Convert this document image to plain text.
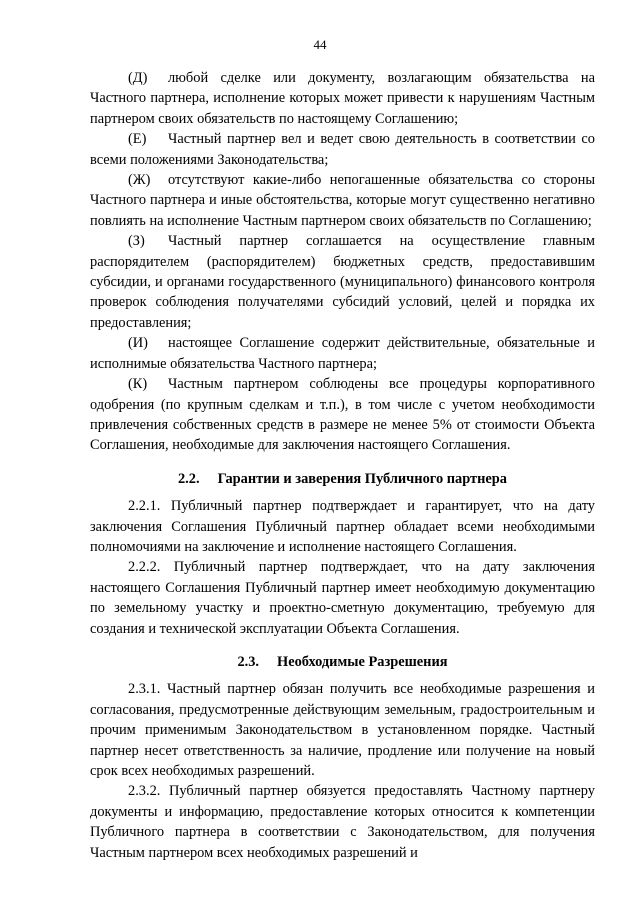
44

(Д) любой сделке или документу, возлагающим обязательства на Частного партнера, исполнение которых может привести к нарушениям Частным партнером своих обязательств по настоящему Соглашению;

(Е) Частный партнер вел и ведет свою деятельность в соответствии со всеми положениями Законодательства;

(Ж) отсутствуют какие-либо непогашенные обязательства со стороны Частного партнера и иные обстоятельства, которые могут существенно негативно повлиять на исполнение Частным партнером своих обязательств по Соглашению;

(З) Частный партнер соглашается на осуществление главным распорядителем (распорядителем) бюджетных средств, предоставившим субсидии, и органами государственного (муниципального) финансового контроля проверок соблюдения получателями субсидий условий, целей и порядка их предоставления;

(И) настоящее Соглашение содержит действительные, обязательные и исполнимые обязательства Частного партнера;

(К) Частным партнером соблюдены все процедуры корпоративного одобрения (по крупным сделкам и т.п.), в том числе с учетом необходимости привлечения собственных средств в размере не менее 5% от стоимости Объекта Соглашения, необходимые для заключения настоящего Соглашения.

2.2. Гарантии и заверения Публичного партнера

2.2.1. Публичный партнер подтверждает и гарантирует, что на дату заключения Соглашения Публичный партнер обладает всеми необходимыми полномочиями на заключение и исполнение настоящего Соглашения.

2.2.2. Публичный партнер подтверждает, что на дату заключения настоящего Соглашения Публичный партнер имеет необходимую документацию по земельному участку и проектно-сметную документацию, требуемую для создания и технической эксплуатации Объекта Соглашения.

2.3. Необходимые Разрешения

2.3.1. Частный партнер обязан получить все необходимые разрешения и согласования, предусмотренные действующим земельным, градостроительным и прочим применимым Законодательством в установленном порядке. Частный партнер несет ответственность за наличие, продление или получение на новый срок всех необходимых разрешений.

2.3.2. Публичный партнер обязуется предоставлять Частному партнеру документы и информацию, предоставление которых относится к компетенции Публичного партнера в соответствии с Законодательством, для получения Частным партнером всех необходимых разрешений и
